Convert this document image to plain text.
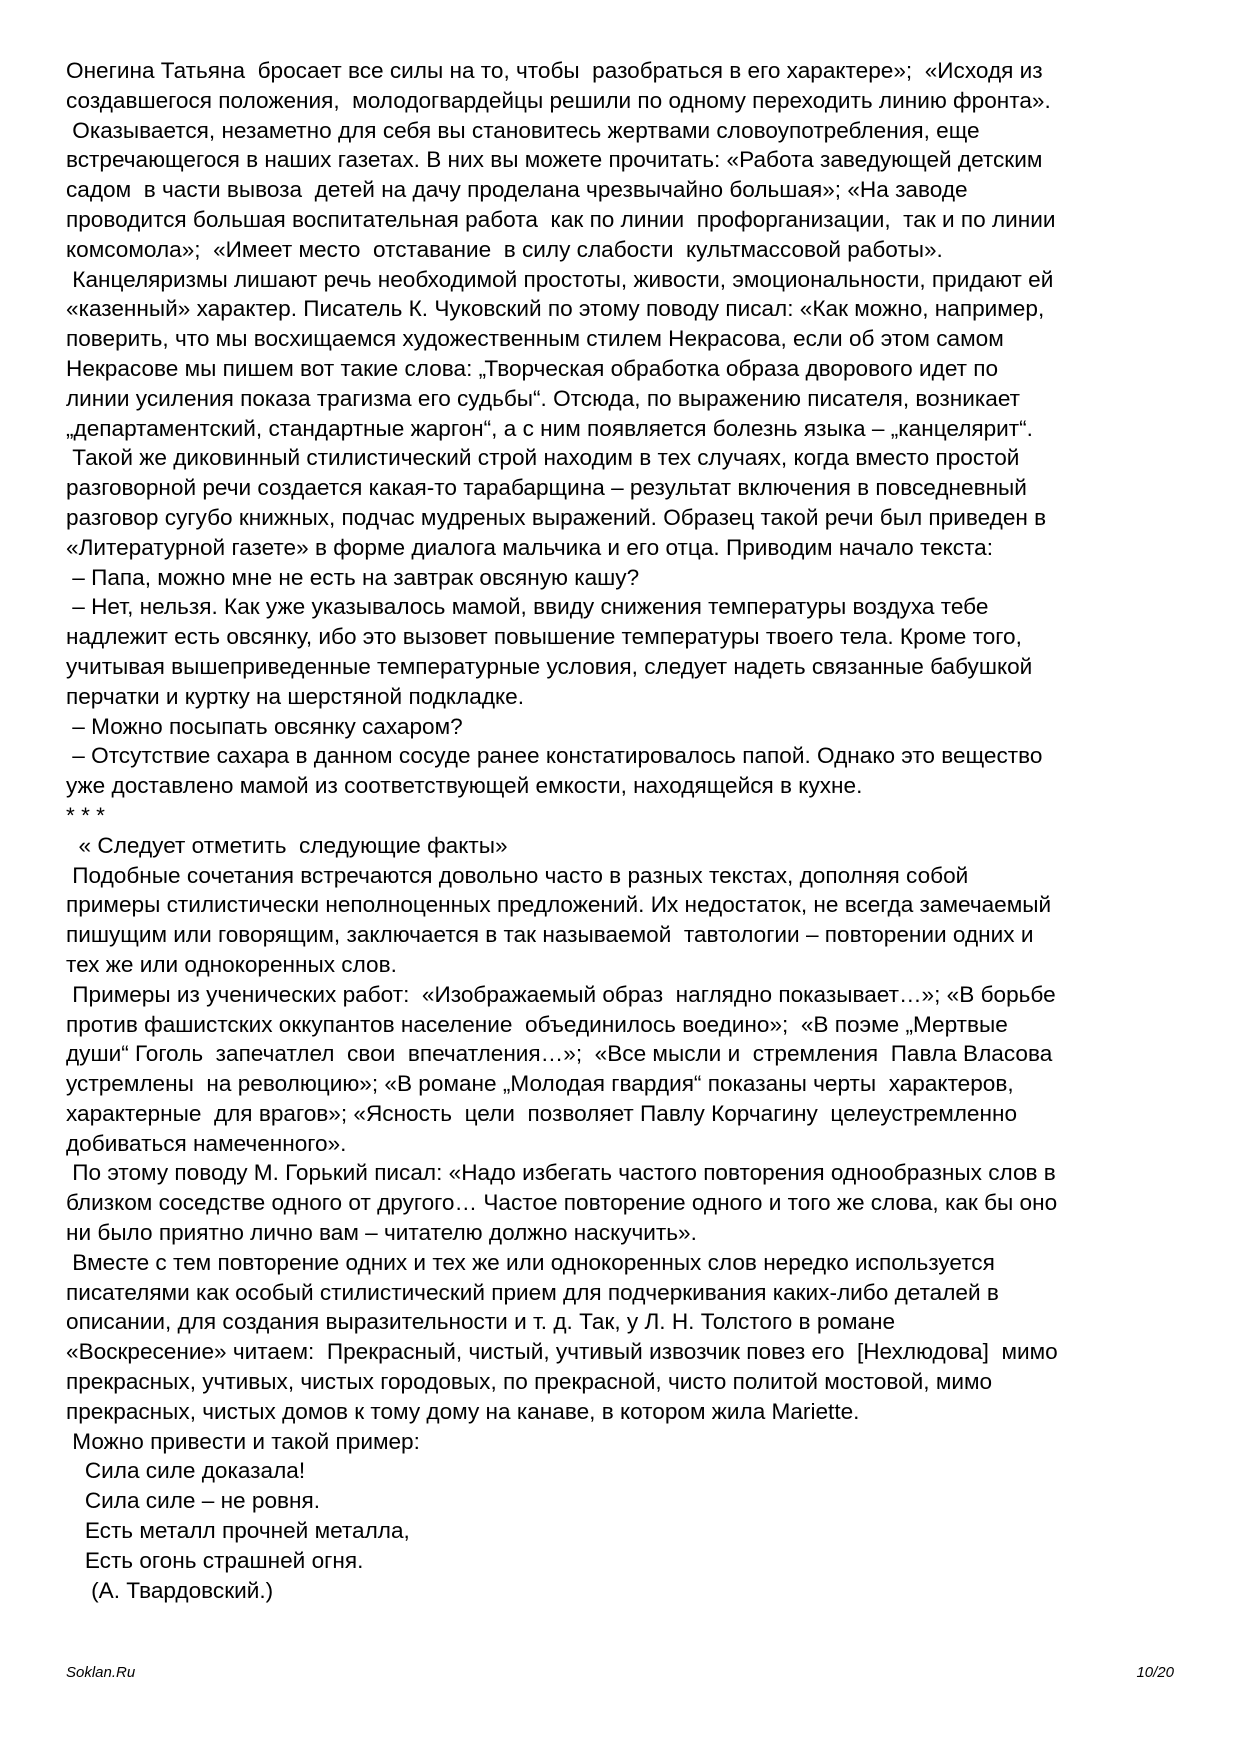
Онегина Татьяна  бросает все силы на то, чтобы  разобраться в его характере»;  «Исходя из
создавшегося положения,  молодогвардейцы решили по одному переходить линию фронта».
Оказывается, незаметно для себя вы становитесь жертвами словоупотребления, еще
встречающегося в наших газетах. В них вы можете прочитать: «Работа заведующей детским
садом  в части вывоза  детей на дачу проделана чрезвычайно большая»; «На заводе
проводится большая воспитательная работа  как по линии  профорганизации,  так и по линии
комсомола»;  «Имеет место  отставание  в силу слабости  культмассовой работы».
Канцеляризмы лишают речь необходимой простоты, живости, эмоциональности, придают ей
«казенный» характер. Писатель К. Чуковский по этому поводу писал: «Как можно, например,
поверить, что мы восхищаемся художественным стилем Некрасова, если об этом самом
Некрасове мы пишем вот такие слова: „Творческая обработка образа дворового идет по
линии усиления показа трагизма его судьбы“. Отсюда, по выражению писателя, возникает
„департаментский, стандартные жаргон“, а с ним появляется болезнь языка – „канцелярит“.
Такой же диковинный стилистический строй находим в тех случаях, когда вместо простой
разговорной речи создается какая-то тарабарщина – результат включения в повседневный
разговор сугубо книжных, подчас мудреных выражений. Образец такой речи был приведен в
«Литературной газете» в форме диалога мальчика и его отца. Приводим начало текста:
– Папа, можно мне не есть на завтрак овсяную кашу?
– Нет, нельзя. Как уже указывалось мамой, ввиду снижения температуры воздуха тебе
надлежит есть овсянку, ибо это вызовет повышение температуры твоего тела. Кроме того,
учитывая вышеприведенные температурные условия, следует надеть связанные бабушкой
перчатки и куртку на шерстяной подкладке.
– Можно посыпать овсянку сахаром?
– Отсутствие сахара в данном сосуде ранее констатировалось папой. Однако это вещество
уже доставлено мамой из соответствующей емкости, находящейся в кухне.
* * *
« Следует отметить  следующие факты»
Подобные сочетания встречаются довольно часто в разных текстах, дополняя собой
примеры стилистически неполноценных предложений. Их недостаток, не всегда замечаемый
пишущим или говорящим, заключается в так называемой  тавтологии – повторении одних и
тех же или однокоренных слов.
Примеры из ученических работ:  «Изображаемый образ  наглядно показывает…»; «В борьбе
против фашистских оккупантов население  объединилось воедино»;  «В поэме „Мертвые
души“ Гоголь  запечатлел  свои  впечатления…»;  «Все мысли и  стремления  Павла Власова
устремлены  на революцию»; «В романе „Молодая гвардия“ показаны черты  характеров,
характерные  для врагов»; «Ясность  цели  позволяет Павлу Корчагину  целеустремленно
добиваться намеченного».
По этому поводу М. Горький писал: «Надо избегать частого повторения однообразных слов в
близком соседстве одного от другого… Частое повторение одного и того же слова, как бы оно
ни было приятно лично вам – читателю должно наскучить».
Вместе с тем повторение одних и тех же или однокоренных слов нередко используется
писателями как особый стилистический прием для подчеркивания каких-либо деталей в
описании, для создания выразительности и т. д. Так, у Л. Н. Толстого в романе
«Воскресение» читаем:  Прекрасный, чистый, учтивый извозчик повез его  [Нехлюдова]  мимо
прекрасных, учтивых, чистых городовых, по прекрасной, чисто политой мостовой, мимо
прекрасных, чистых домов к тому дому на канаве, в котором жила Mariette.
Можно привести и такой пример:
Сила силе доказала!
Сила силе – не ровня.
Есть металл прочней металла,
Есть огонь страшней огня.
(А. Твардовский.)
Soklan.Ru	10/20
